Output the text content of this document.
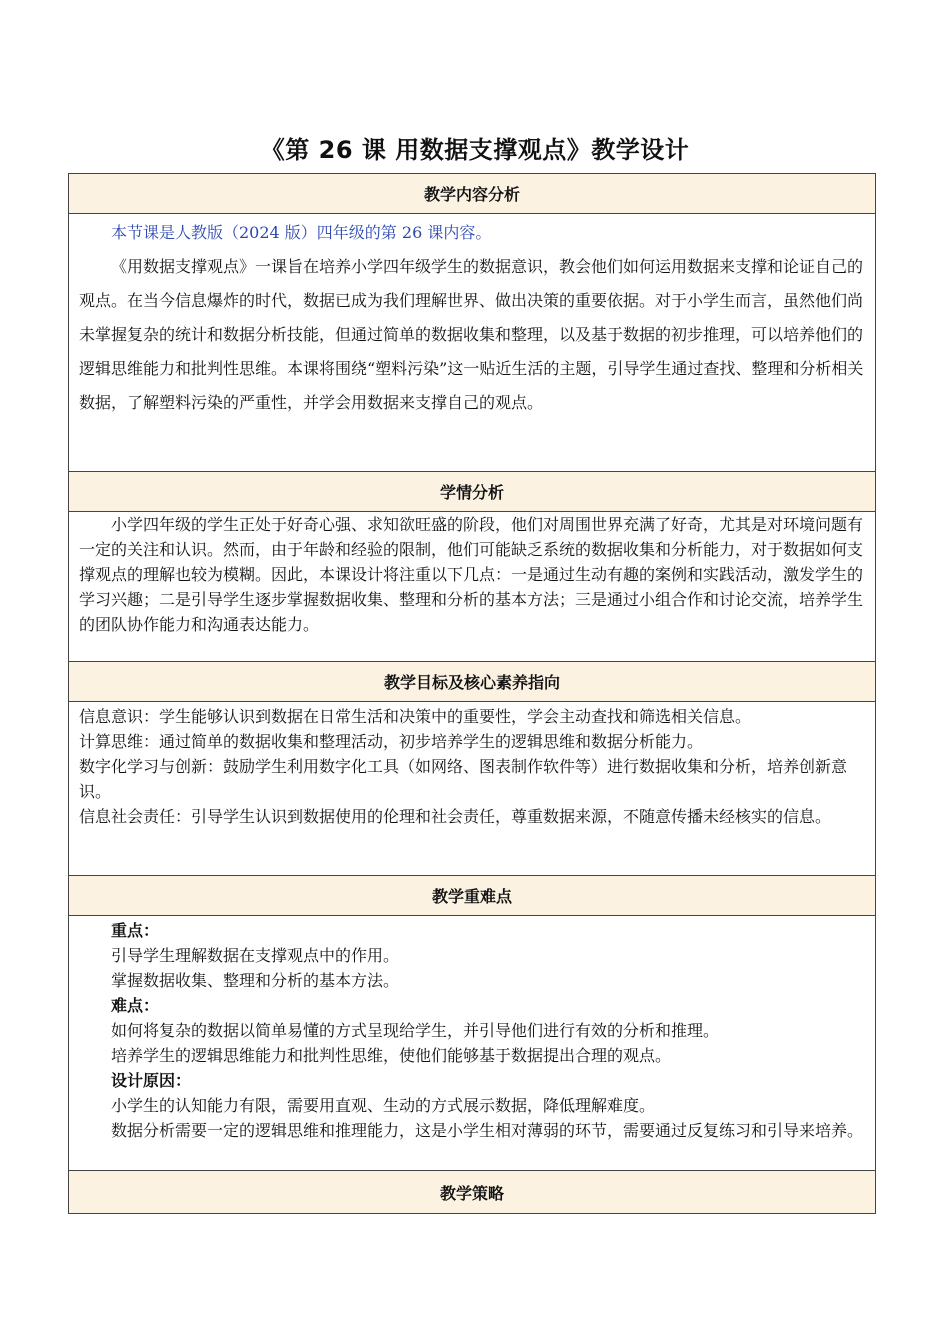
《第 26 课 用数据支撑观点》教学设计
教学内容分析

本节课是人教版（2024 版）四年级的第 26 课内容。

《用数据支撑观点》一课旨在培养小学四年级学生的数据意识，教会他们如何运用数据来支撑和论证自己的观点。在当今信息爆炸的时代，数据已成为我们理解世界、做出决策的重要依据。对于小学生而言，虽然他们尚未掌握复杂的统计和数据分析技能，但通过简单的数据收集和整理，以及基于数据的初步推理，可以培养他们的逻辑思维能力和批判性思维。本课将围绕“塑料污染”这一贴近生活的主题，引导学生通过查找、整理和分析相关数据，了解塑料污染的严重性，并学会用数据来支撑自己的观点。

学情分析

小学四年级的学生正处于好奇心强、求知欲旺盛的阶段，他们对周围世界充满了好奇，尤其是对环境问题有一定的关注和认识。然而，由于年龄和经验的限制，他们可能缺乏系统的数据收集和分析能力，对于数据如何支撑观点的理解也较为模糊。因此，本课设计将注重以下几点：一是通过生动有趣的案例和实践活动，激发学生的学习兴趣；二是引导学生逐步掌握数据收集、整理和分析的基本方法；三是通过小组合作和讨论交流，培养学生的团队协作能力和沟通表达能力。

教学目标及核心素养指向

信息意识：学生能够认识到数据在日常生活和决策中的重要性，学会主动查找和筛选相关信息。

计算思维：通过简单的数据收集和整理活动，初步培养学生的逻辑思维和数据分析能力。

数字化学习与创新：鼓励学生利用数字化工具（如网络、图表制作软件等）进行数据收集和分析，培养创新意识。

信息社会责任：引导学生认识到数据使用的伦理和社会责任，尊重数据来源，不随意传播未经核实的信息。

教学重难点

重点：

引导学生理解数据在支撑观点中的作用。

掌握数据收集、整理和分析的基本方法。

难点：

如何将复杂的数据以简单易懂的方式呈现给学生，并引导他们进行有效的分析和推理。

培养学生的逻辑思维能力和批判性思维，使他们能够基于数据提出合理的观点。

设计原因：

小学生的认知能力有限，需要用直观、生动的方式展示数据，降低理解难度。

数据分析需要一定的逻辑思维和推理能力，这是小学生相对薄弱的环节，需要通过反复练习和引导来培养。

教学策略
